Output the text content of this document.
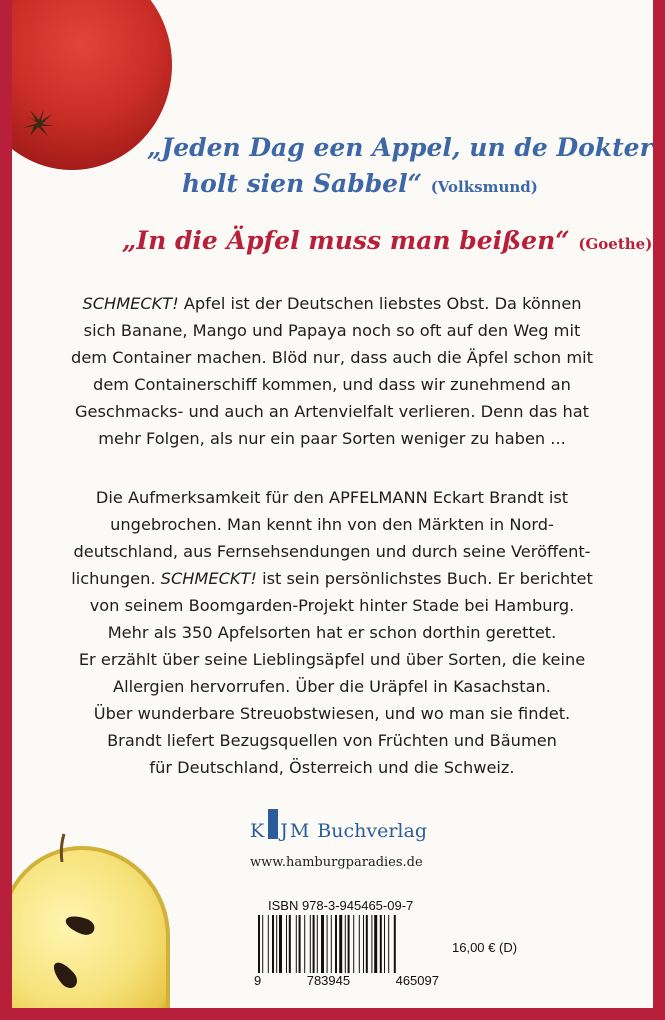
„Jeden Dag een Appel, un de Dokter
holt sien Sabbel“ (Volksmund)
„In die Äpfel muss man beißen“ (Goethe)

SCHMECKT! Apfel ist der Deutschen liebstes Obst. Da können

sich Banane, Mango und Papaya noch so oft auf den Weg mit

dem Container machen. Blöd nur, dass auch die Äpfel schon mit

dem Containerschiff kommen, und dass wir zunehmend an

Geschmacks- und auch an Artenvielfalt verlieren. Denn das hat

mehr Folgen, als nur ein paar Sorten weniger zu haben ...

Die Aufmerksamkeit für den APFELMANN Eckart Brandt ist

ungebrochen. Man kennt ihn von den Märkten in Nord-

deutschland, aus Fernsehsendungen und durch seine Veröffent-

lichungen. SCHMECKT! ist sein persönlichstes Buch. Er berichtet

von seinem Boomgarden-Projekt hinter Stade bei Hamburg.

Mehr als 350 Apfelsorten hat er schon dorthin gerettet.

Er erzählt über seine Lieblingsäpfel und über Sorten, die keine

Allergien hervorrufen. Über die Uräpfel in Kasachstan.

Über wunderbare Streuobstwiesen, und wo man sie findet.

Brandt liefert Bezugsquellen von Früchten und Bäumen

für Deutschland, Österreich und die Schweiz.

K J M Buchverlag
www.hamburgparadies.de
ISBN 978-3-945465-09-7
9	783945	465097
16,00 € (D)
